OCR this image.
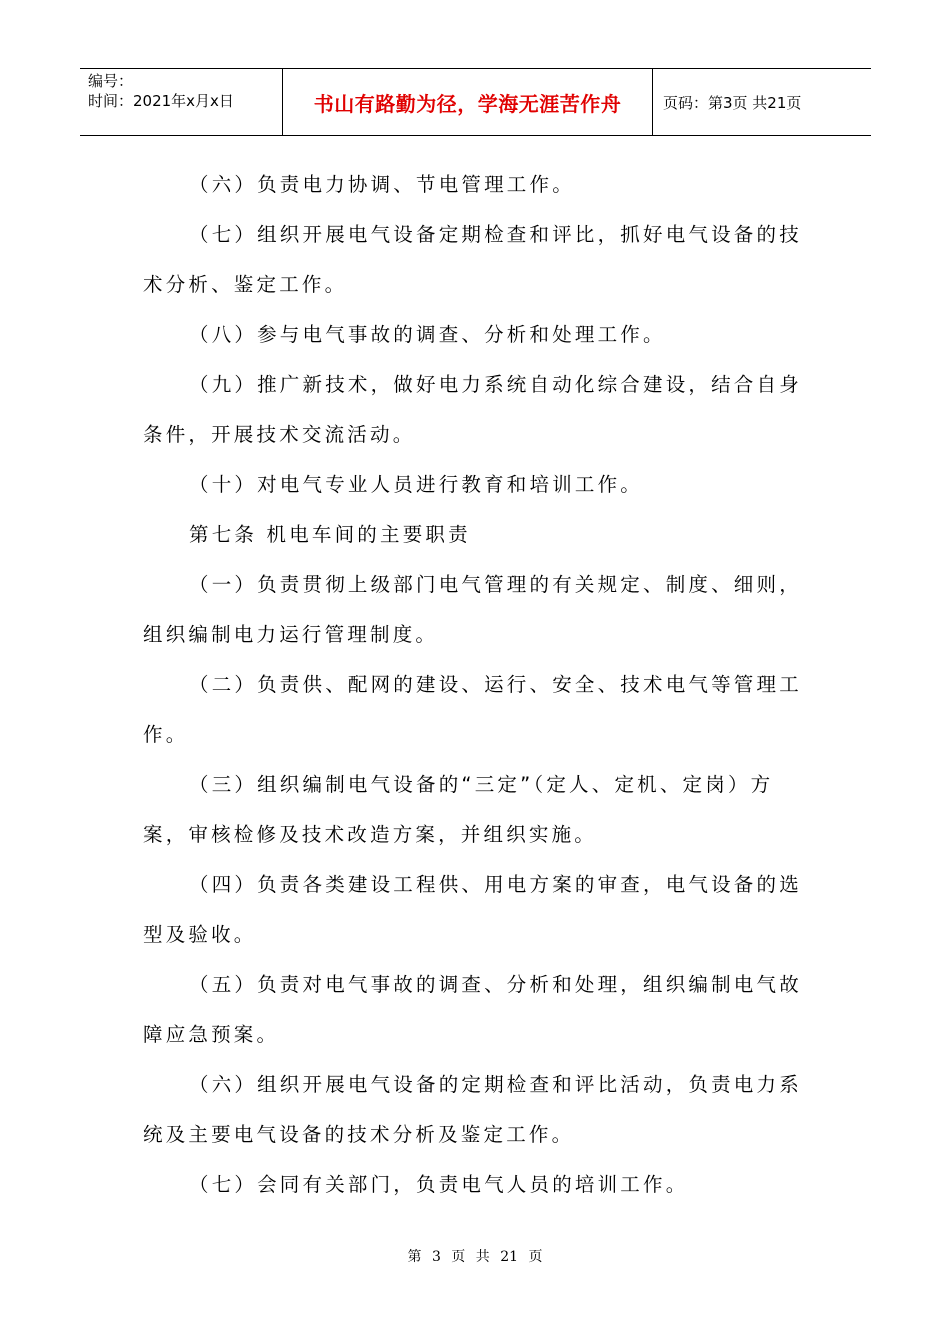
编号：
时间：2021年x月x日	书山有路勤为径，学海无涯苦作舟	页码：第3页 共21页

（六）负责电力协调、节电管理工作。

（七）组织开展电气设备定期检查和评比，抓好电气设备的技

术分析、鉴定工作。

（八）参与电气事故的调查、分析和处理工作。

（九）推广新技术，做好电力系统自动化综合建设，结合自身

条件，开展技术交流活动。

（十）对电气专业人员进行教育和培训工作。

第七条 机电车间的主要职责

（一）负责贯彻上级部门电气管理的有关规定、制度、细则，

组织编制电力运行管理制度。

（二）负责供、配网的建设、运行、安全、技术电气等管理工

作。

（三）组织编制电气设备的“三定”（定人、定机、定岗）方

案，审核检修及技术改造方案，并组织实施。

（四）负责各类建设工程供、用电方案的审查，电气设备的选

型及验收。

（五）负责对电气事故的调查、分析和处理，组织编制电气故

障应急预案。

（六）组织开展电气设备的定期检查和评比活动，负责电力系

统及主要电气设备的技术分析及鉴定工作。

（七）会同有关部门，负责电气人员的培训工作。

第 3 页 共 21 页
